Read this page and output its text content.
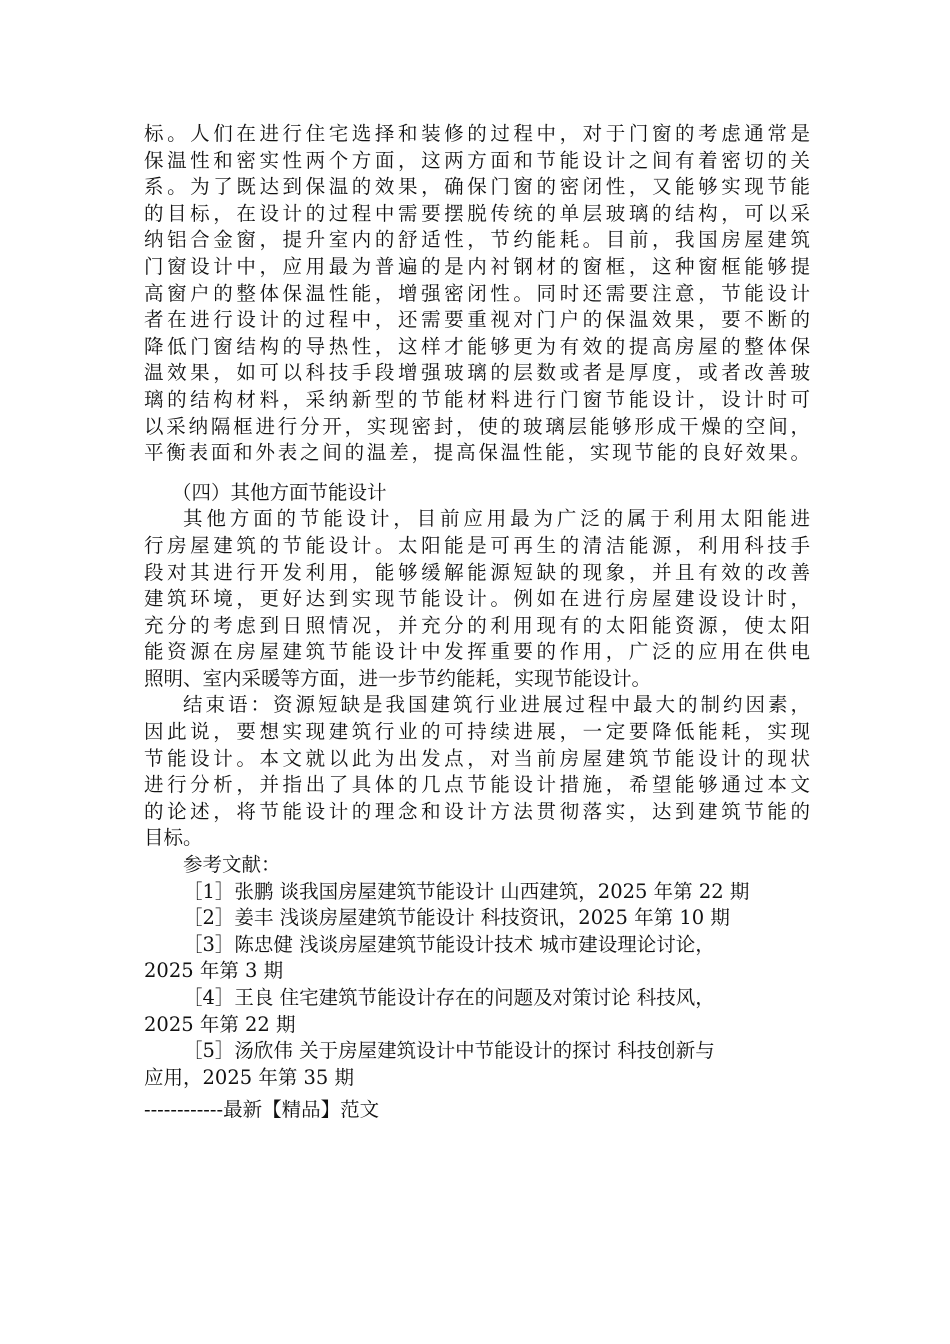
标。人们在进行住宅选择和装修的过程中，对于门窗的考虑通常是
保温性和密实性两个方面，这两方面和节能设计之间有着密切的关
系。为了既达到保温的效果，确保门窗的密闭性，又能够实现节能
的目标，在设计的过程中需要摆脱传统的单层玻璃的结构，可以采
纳铝合金窗，提升室内的舒适性，节约能耗。目前，我国房屋建筑
门窗设计中，应用最为普遍的是内衬钢材的窗框，这种窗框能够提
高窗户的整体保温性能，增强密闭性。同时还需要注意，节能设计
者在进行设计的过程中，还需要重视对门户的保温效果，要不断的
降低门窗结构的导热性，这样才能够更为有效的提高房屋的整体保
温效果，如可以科技手段增强玻璃的层数或者是厚度，或者改善玻
璃的结构材料，采纳新型的节能材料进行门窗节能设计，设计时可
以采纳隔框进行分开，实现密封，使的玻璃层能够形成干燥的空间，
平衡表面和外表之间的温差，提高保温性能，实现节能的良好效果。
（四）其他方面节能设计
其他方面的节能设计，目前应用最为广泛的属于利用太阳能进
行房屋建筑的节能设计。太阳能是可再生的清洁能源，利用科技手
段对其进行开发利用，能够缓解能源短缺的现象，并且有效的改善
建筑环境，更好达到实现节能设计。例如在进行房屋建设设计时，
充分的考虑到日照情况，并充分的利用现有的太阳能资源，使太阳
能资源在房屋建筑节能设计中发挥重要的作用，广泛的应用在供电
照明、室内采暖等方面，进一步节约能耗，实现节能设计。
结束语：资源短缺是我国建筑行业进展过程中最大的制约因素，
因此说，要想实现建筑行业的可持续进展，一定要降低能耗，实现
节能设计。本文就以此为出发点，对当前房屋建筑节能设计的现状
进行分析，并指出了具体的几点节能设计措施，希望能够通过本文
的论述，将节能设计的理念和设计方法贯彻落实，达到建筑节能的
目标。
参考文献：
［1］张鹏 谈我国房屋建筑节能设计 山西建筑，2025 年第 22 期
［2］姜丰 浅谈房屋建筑节能设计 科技资讯，2025 年第 10 期
［3］陈忠健 浅谈房屋建筑节能设计技术 城市建设理论讨论，
2025 年第 3 期
［4］王良 住宅建筑节能设计存在的问题及对策讨论 科技风，
2025 年第 22 期
［5］汤欣伟 关于房屋建筑设计中节能设计的探讨 科技创新与
应用，2025 年第 35 期
------------最新【精品】范文
